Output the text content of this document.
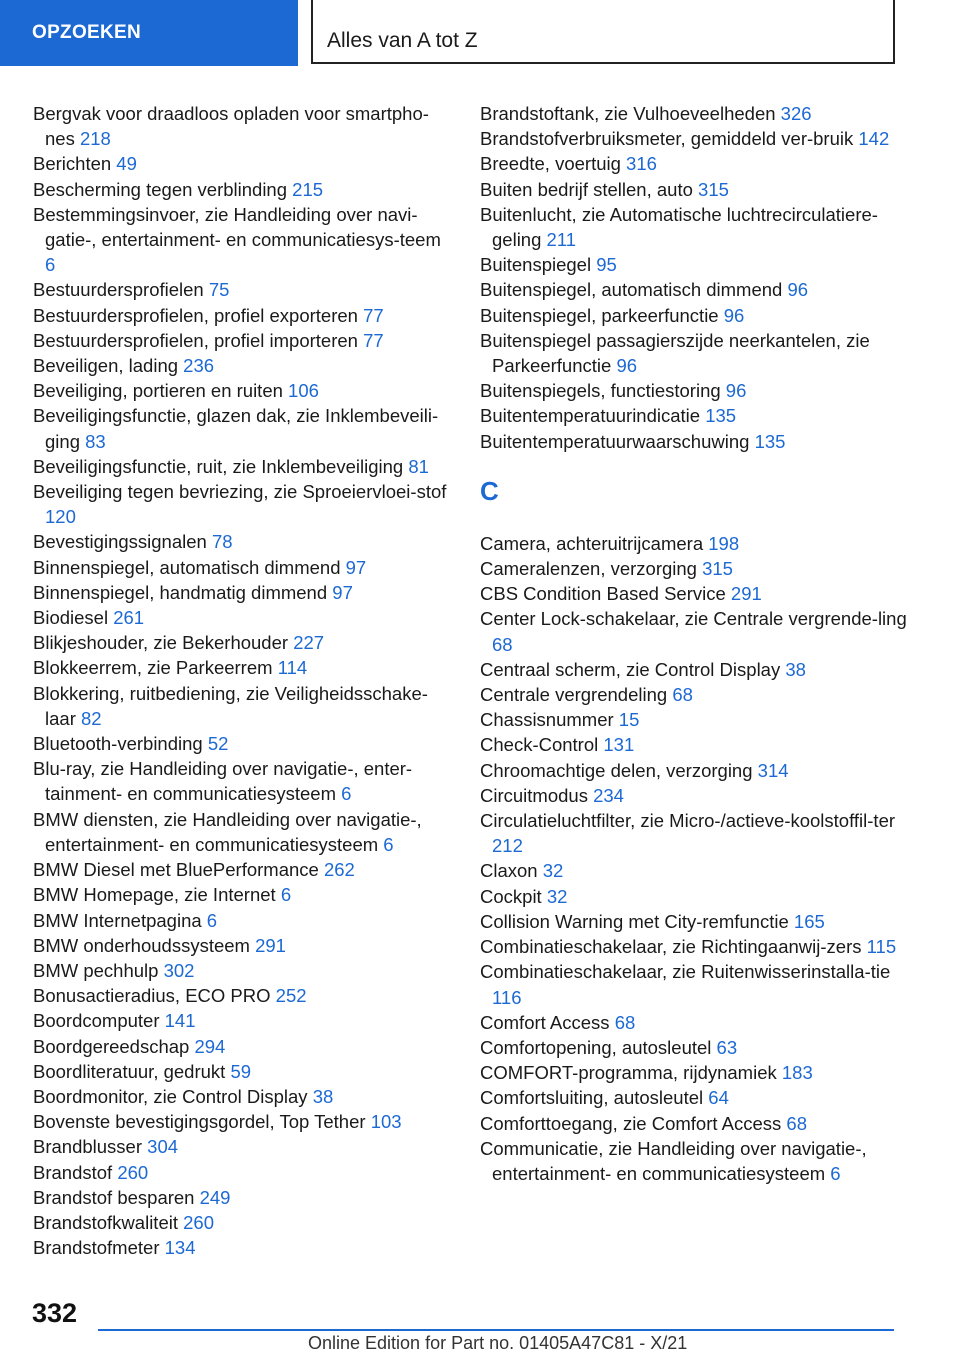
OPZOEKEN	Alles van A tot Z
Bergvak voor draadloos opladen voor smartpho-nes 218
Berichten 49
Bescherming tegen verblinding 215
Bestemmingsinvoer, zie Handleiding over navi-gatie-, entertainment- en communicatiesys-teem 6
Bestuurdersprofielen 75
Bestuurdersprofielen, profiel exporteren 77
Bestuurdersprofielen, profiel importeren 77
Beveiligen, lading 236
Beveiliging, portieren en ruiten 106
Beveiligingsfunctie, glazen dak, zie Inklembeveili-ging 83
Beveiligingsfunctie, ruit, zie Inklembeveiliging 81
Beveiliging tegen bevriezing, zie Sproeiervloei-stof 120
Bevestigingssignalen 78
Binnenspiegel, automatisch dimmend 97
Binnenspiegel, handmatig dimmend 97
Biodiesel 261
Blikjeshouder, zie Bekerhouder 227
Blokkeerrem, zie Parkeerrem 114
Blokkering, ruitbediening, zie Veiligheidsschake-laar 82
Bluetooth-verbinding 52
Blu-ray, zie Handleiding over navigatie-, enter-tainment- en communicatiesysteem 6
BMW diensten, zie Handleiding over navigatie-, entertainment- en communicatiesysteem 6
BMW Diesel met BluePerformance 262
BMW Homepage, zie Internet 6
BMW Internetpagina 6
BMW onderhoudssysteem 291
BMW pechhulp 302
Bonusactieradius, ECO PRO 252
Boordcomputer 141
Boordgereedschap 294
Boordliteratuur, gedrukt 59
Boordmonitor, zie Control Display 38
Bovenste bevestigingsgordel, Top Tether 103
Brandblusser 304
Brandstof 260
Brandstof besparen 249
Brandstofkwaliteit 260
Brandstofmeter 134
Brandstoftank, zie Vulhoeveelheden 326
Brandstofverbruiksmeter, gemiddeld ver-bruik 142
Breedte, voertuig 316
Buiten bedrijf stellen, auto 315
Buitenlucht, zie Automatische luchtrecirculatiere-geling 211
Buitenspiegel 95
Buitenspiegel, automatisch dimmend 96
Buitenspiegel, parkeerfunctie 96
Buitenspiegel passagierszijde neerkantelen, zie Parkeerfunctie 96
Buitenspiegels, functiestoring 96
Buitentemperatuurindicatie 135
Buitentemperatuurwaarschuwing 135
C
Camera, achteruitrijcamera 198
Cameralenzen, verzorging 315
CBS Condition Based Service 291
Center Lock-schakelaar, zie Centrale vergrende-ling 68
Centraal scherm, zie Control Display 38
Centrale vergrendeling 68
Chassisnummer 15
Check-Control 131
Chroomachtige delen, verzorging 314
Circuitmodus 234
Circulatieluchtfilter, zie Micro-/actieve-koolstoffil-ter 212
Claxon 32
Cockpit 32
Collision Warning met City-remfunctie 165
Combinatieschakelaar, zie Richtingaanwij-zers 115
Combinatieschakelaar, zie Ruitenwisserinstalla-tie 116
Comfort Access 68
Comfortopening, autosleutel 63
COMFORT-programma, rijdynamiek 183
Comfortsluiting, autosleutel 64
Comforttoegang, zie Comfort Access 68
Communicatie, zie Handleiding over navigatie-, entertainment- en communicatiesysteem 6
332
Online Edition for Part no. 01405A47C81 - X/21
